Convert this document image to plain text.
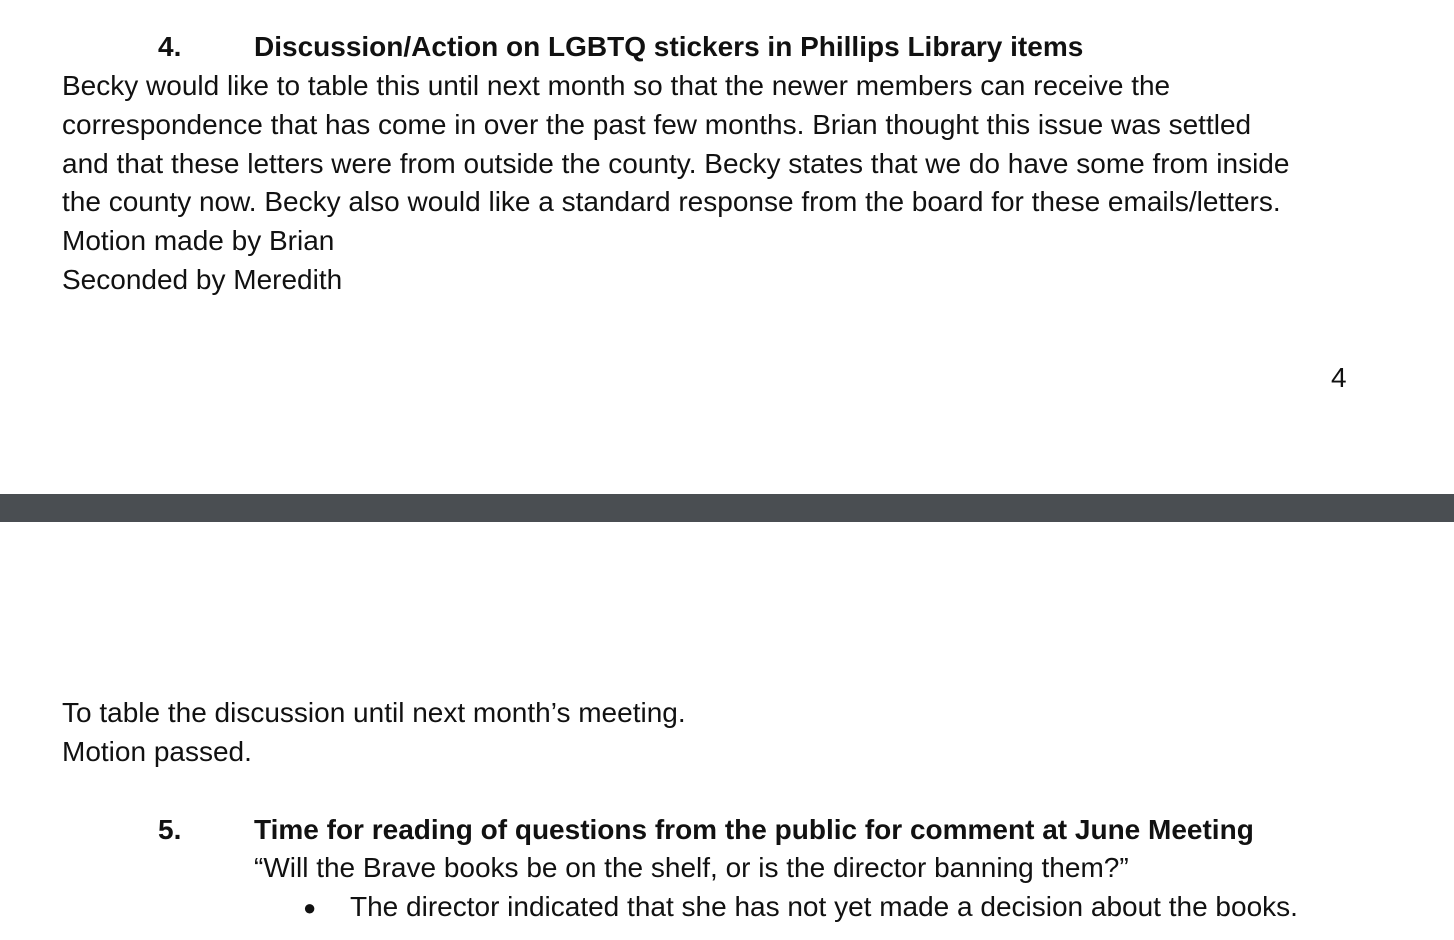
4.	Discussion/Action on LGBTQ stickers in Phillips Library items
Becky would like to table this until next month so that the newer members can receive the
correspondence that has come in over the past few months. Brian thought this issue was settled
and that these letters were from outside the county. Becky states that we do have some from inside
the county now. Becky also would like a standard response from the board for these emails/letters.
Motion made by Brian
Seconded by Meredith
4
To table the discussion until next month’s meeting.
Motion passed.
5.	Time for reading of questions from the public for comment at June Meeting
“Will the Brave books be on the shelf, or is the director banning them?”
● The director indicated that she has not yet made a decision about the books.
